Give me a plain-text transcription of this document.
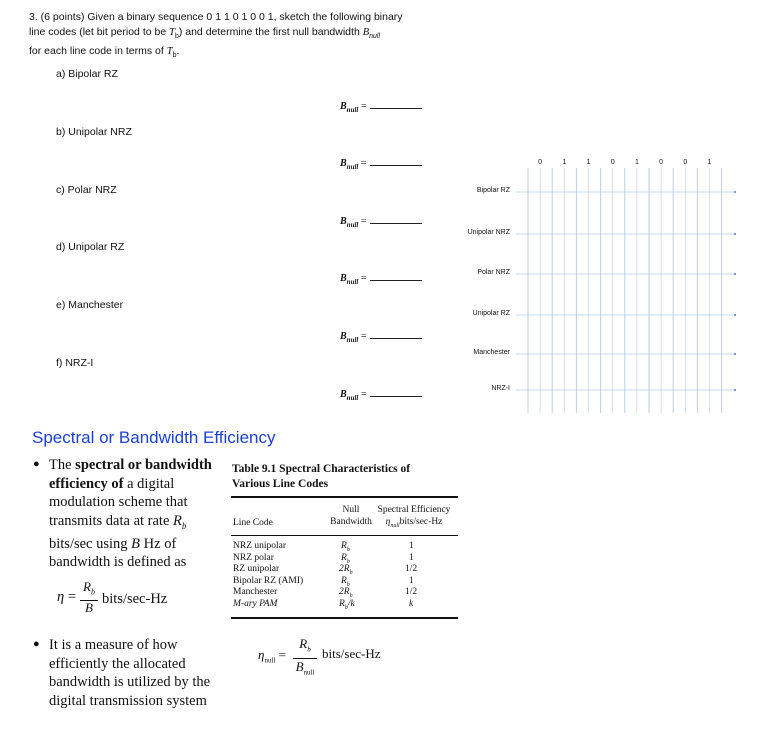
3. (6 points) Given a binary sequence 0 1 1 0 1 0 0 1, sketch the following binary
line codes (let bit period to be $T_b$) and determine the first null bandwidth $B_{null}$
for each line code in terms of $T_b$.
a) Bipolar RZ
b) Unipolar NRZ
c) Polar NRZ
d) Unipolar RZ
e) Manchester
f) NRZ-I
$B_{null}$ =
$B_{null}$ =
$B_{null}$ =
$B_{null}$ =
$B_{null}$ =
$B_{null}$ =
0	1	1	0	1	0	0	1
Bipolar RZ
Unipolar NRZ
Polar NRZ
Unipolar RZ
Manchester
NRZ-I
Spectral or Bandwidth Efficiency
● The spectral or bandwidth
efficiency of a digital
modulation scheme that
transmits data at rate $R_b$
bits/sec using B Hz of
bandwidth is defined as
$\eta = \frac{R_b}{B}$ bits/sec-Hz
● It is a measure of how
efficiently the allocated
bandwidth is utilized by the
digital transmission system
Table 9.1 Spectral Characteristics of
Various Line Codes
Line Code
Null
Bandwidth
Spectral Efficiency
$\eta_{null}bits/\sec-Hz$
NRZ unipolar	$R_b$	1
NRZ polar	$R_b$	1
RZ unipolar	$2R_b$	1/2
Bipolar RZ (AMI)	$R_b$	1
Manchester	$2R_b$	1/2
M-ary PAM	$R_b/k$	k
$\eta_{null}$ =
$R_b$
$B_{null}$
bits/sec-Hz
